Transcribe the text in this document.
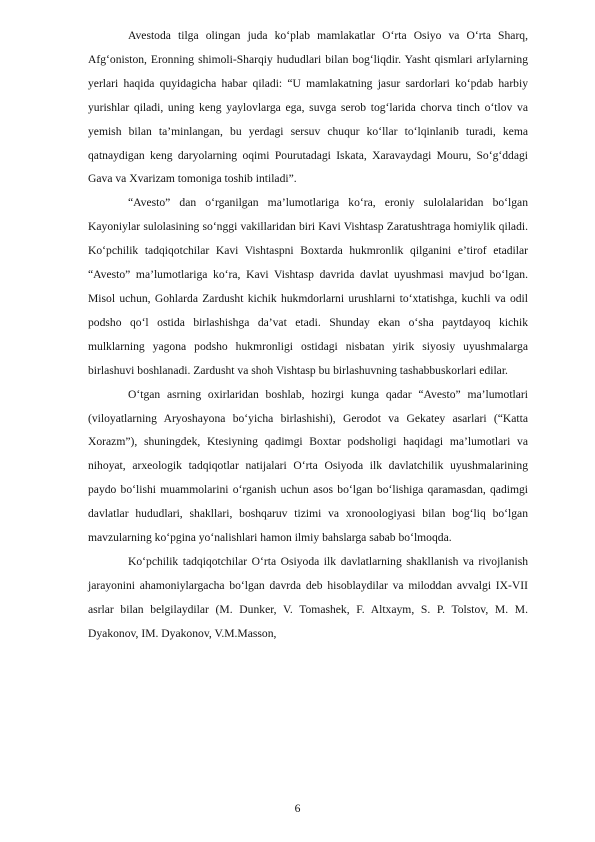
Avestoda tilga olingan juda ko‘plab mamlakatlar O‘rta Osiyo va O‘rta Sharq, Afg‘oniston, Eronning shimoli-Sharqiy hududlari bilan bog‘liqdir. Yasht qismlari arIylarning yerlari haqida quyidagicha habar qiladi: “U mamlakatning jasur sardorlari ko‘pdab harbiy yurishlar qiladi, uning keng yaylovlarga ega, suvga serob tog‘larida chorva tinch o‘tlov va yemish bilan ta’minlangan, bu yerdagi sersuv chuqur ko‘llar to‘lqinlanib turadi, kema qatnaydigan keng daryolarning oqimi Pourutadagi Iskata, Xaravaydagi Mouru, So‘g‘ddagi Gava va Xvarizam tomoniga toshib intiladi”.

“Avesto” dan o‘rganilgan ma’lumotlariga ko‘ra, eroniy sulolalaridan bo‘lgan Kayoniylar sulolasining so‘nggi vakillaridan biri Kavi Vishtasp Zaratushtraga homiylik qiladi. Ko‘pchilik tadqiqotchilar Kavi Vishtaspni Boxtarda hukmronlik qilganini e’tirof etadilar “Avesto” ma’lumotlariga ko‘ra, Kavi Vishtasp davrida davlat uyushmasi mavjud bo‘lgan. Misol uchun, Gohlarda Zardusht kichik hukmdorlarni urushlarni to‘xtatishga, kuchli va odil podsho qo‘l ostida birlashishga da’vat etadi. Shunday ekan o‘sha paytdayoq kichik mulklarning yagona podsho hukmronligi ostidagi nisbatan yirik siyosiy uyushmalarga birlashuvi boshlanadi. Zardusht va shoh Vishtasp bu birlashuvning tashabbuskorlari edilar.

O‘tgan asrning oxirlaridan boshlab, hozirgi kunga qadar “Avesto” ma’lumotlari (viloyatlarning Aryoshayona bo‘yicha birlashishi), Gerodot va Gekatey asarlari (“Katta Xorazm”), shuningdek, Ktesiyning qadimgi Boxtar podsholigi haqidagi ma’lumotlari va nihoyat, arxeologik tadqiqotlar natijalari O‘rta Osiyoda ilk davlatchilik uyushmalarining paydo bo‘lishi muammolarini o‘rganish uchun asos bo‘lgan bo‘lishiga qaramasdan, qadimgi davlatlar hududlari, shakllari, boshqaruv tizimi va xronoologiyasi bilan bog‘liq bo‘lgan mavzularning ko‘pgina yo‘nalishlari hamon ilmiy bahslarga sabab bo‘lmoqda.

Ko‘pchilik tadqiqotchilar O‘rta Osiyoda ilk davlatlarning shakllanish va rivojlanish jarayonini ahamoniylargacha bo‘lgan davrda deb hisoblaydilar va miloddan avvalgi IX-VII asrlar bilan belgilaydilar (M. Dunker, V. Tomashek, F. Altxaym, S. P. Tolstov, M. M. Dyakonov, IM. Dyakonov, V.M.Masson,

6
